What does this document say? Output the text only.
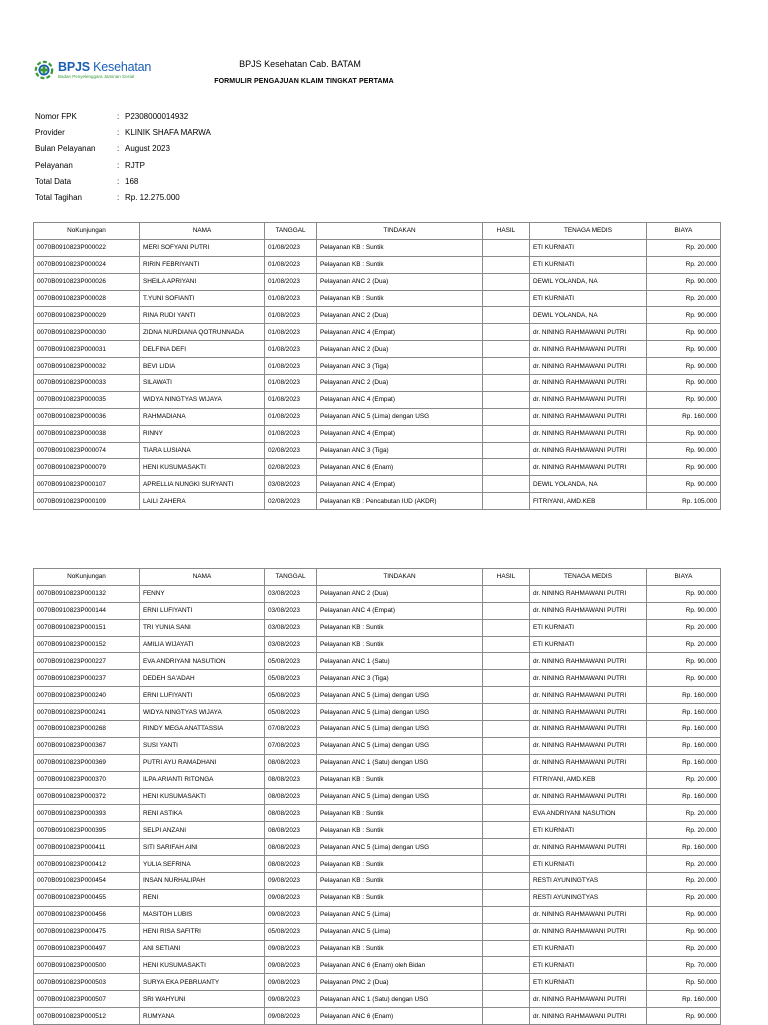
BPJS Kesehatan
Badan Penyelenggara Jaminan Sosial
BPJS Kesehatan Cab. BATAM
FORMULIR PENGAJUAN KLAIM TINGKAT PERTAMA
Nomor FPK	: P2308000014932
Provider	: KLINIK SHAFA MARWA
Bulan Pelayanan	: August 2023
Pelayanan	: RJTP
Total Data	: 168
Total Tagihan	: Rp. 12.275.000
NoKunjungan	NAMA	TANGGAL	TINDAKAN	HASIL	TENAGA MEDIS	BIAYA
0070B0910823P000022	MERI SOFYANI PUTRI	01/08/2023	Pelayanan KB : Suntik		ETI KURNIATI	Rp. 20.000
0070B0910823P000024	RIRIN FEBRIYANTI	01/08/2023	Pelayanan KB : Suntik		ETI KURNIATI	Rp. 20.000
0070B0910823P000026	SHEILA APRIYANI	01/08/2023	Pelayanan ANC 2 (Dua)		DEWIL YOLANDA, NA	Rp. 90.000
0070B0910823P000028	T.YUNI SOFIANTI	01/08/2023	Pelayanan KB : Suntik		ETI KURNIATI	Rp. 20.000
0070B0910823P000029	RINA RUDI YANTI	01/08/2023	Pelayanan ANC 2 (Dua)		DEWIL YOLANDA, NA	Rp. 90.000
0070B0910823P000030	ZIDNA NURDIANA QOTRUNNADA	01/08/2023	Pelayanan ANC 4 (Empat)		dr. NINING RAHMAWANI PUTRI	Rp. 90.000
0070B0910823P000031	DELFINA DEFI	01/08/2023	Pelayanan ANC 2 (Dua)		dr. NINING RAHMAWANI PUTRI	Rp. 90.000
0070B0910823P000032	BEVI LIDIA	01/08/2023	Pelayanan ANC 3 (Tiga)		dr. NINING RAHMAWANI PUTRI	Rp. 90.000
0070B0910823P000033	SILAWATI	01/08/2023	Pelayanan ANC 2 (Dua)		dr. NINING RAHMAWANI PUTRI	Rp. 90.000
0070B0910823P000035	WIDYA NINGTYAS WIJAYA	01/08/2023	Pelayanan ANC 4 (Empat)		dr. NINING RAHMAWANI PUTRI	Rp. 90.000
0070B0910823P000036	RAHMADIANA	01/08/2023	Pelayanan ANC 5 (Lima) dengan USG		dr. NINING RAHMAWANI PUTRI	Rp. 160.000
0070B0910823P000038	RINNY	01/08/2023	Pelayanan ANC 4 (Empat)		dr. NINING RAHMAWANI PUTRI	Rp. 90.000
0070B0910823P000074	TIARA LUSIANA	02/08/2023	Pelayanan ANC 3 (Tiga)		dr. NINING RAHMAWANI PUTRI	Rp. 90.000
0070B0910823P000079	HENI KUSUMASAKTI	02/08/2023	Pelayanan ANC 6 (Enam)		dr. NINING RAHMAWANI PUTRI	Rp. 90.000
0070B0910823P000107	APRELLIA NUNGKI SURYANTI	03/08/2023	Pelayanan ANC 4 (Empat)		DEWIL YOLANDA, NA	Rp. 90.000
0070B0910823P000109	LAILI ZAHERA	02/08/2023	Pelayanan KB : Pencabutan IUD (AKDR)		FITRIYANI, AMD.KEB	Rp. 105.000
NoKunjungan	NAMA	TANGGAL	TINDAKAN	HASIL	TENAGA MEDIS	BIAYA
0070B0910823P000132	FENNY	03/08/2023	Pelayanan ANC 2 (Dua)		dr. NINING RAHMAWANI PUTRI	Rp. 90.000
0070B0910823P000144	ERNI LUFIYANTI	03/08/2023	Pelayanan ANC 4 (Empat)		dr. NINING RAHMAWANI PUTRI	Rp. 90.000
0070B0910823P000151	TRI YUNIA SANI	03/08/2023	Pelayanan KB : Suntik		ETI KURNIATI	Rp. 20.000
0070B0910823P000152	AMILIA WIJAYATI	03/08/2023	Pelayanan KB : Suntik		ETI KURNIATI	Rp. 20.000
0070B0910823P000227	EVA ANDRIYANI NASUTION	05/08/2023	Pelayanan ANC 1 (Satu)		dr. NINING RAHMAWANI PUTRI	Rp. 90.000
0070B0910823P000237	DEDEH SA'ADAH	05/08/2023	Pelayanan ANC 3 (Tiga)		dr. NINING RAHMAWANI PUTRI	Rp. 90.000
0070B0910823P000240	ERNI LUFIYANTI	05/08/2023	Pelayanan ANC 5 (Lima) dengan USG		dr. NINING RAHMAWANI PUTRI	Rp. 160.000
0070B0910823P000241	WIDYA NINGTYAS WIJAYA	05/08/2023	Pelayanan ANC 5 (Lima) dengan USG		dr. NINING RAHMAWANI PUTRI	Rp. 160.000
0070B0910823P000268	RINDY MEGA ANATTASSIA	07/08/2023	Pelayanan ANC 5 (Lima) dengan USG		dr. NINING RAHMAWANI PUTRI	Rp. 160.000
0070B0910823P000367	SUSI YANTI	07/08/2023	Pelayanan ANC 5 (Lima) dengan USG		dr. NINING RAHMAWANI PUTRI	Rp. 160.000
0070B0910823P000369	PUTRI AYU RAMADHANI	08/08/2023	Pelayanan ANC 1 (Satu) dengan USG		dr. NINING RAHMAWANI PUTRI	Rp. 160.000
0070B0910823P000370	ILPA ARIANTI RITONGA	08/08/2023	Pelayanan KB : Suntik		FITRIYANI, AMD.KEB	Rp. 20.000
0070B0910823P000372	HENI KUSUMASAKTI	08/08/2023	Pelayanan ANC 5 (Lima) dengan USG		dr. NINING RAHMAWANI PUTRI	Rp. 160.000
0070B0910823P000393	RENI ASTIKA	08/08/2023	Pelayanan KB : Suntik		EVA ANDRIYANI NASUTION	Rp. 20.000
0070B0910823P000395	SELPI ANZANI	08/08/2023	Pelayanan KB : Suntik		ETI KURNIATI	Rp. 20.000
0070B0910823P000411	SITI SARIFAH AINI	08/08/2023	Pelayanan ANC 5 (Lima) dengan USG		dr. NINING RAHMAWANI PUTRI	Rp. 160.000
0070B0910823P000412	YULIA SEFRINA	08/08/2023	Pelayanan KB : Suntik		ETI KURNIATI	Rp. 20.000
0070B0910823P000454	INSAN NURHALIPAH	09/08/2023	Pelayanan KB : Suntik		RESTI AYUNINGTYAS	Rp. 20.000
0070B0910823P000455	RENI	09/08/2023	Pelayanan KB : Suntik		RESTI AYUNINGTYAS	Rp. 20.000
0070B0910823P000456	MASITOH LUBIS	09/08/2023	Pelayanan ANC 5 (Lima)		dr. NINING RAHMAWANI PUTRI	Rp. 90.000
0070B0910823P000475	HENI RISA SAFITRI	05/08/2023	Pelayanan ANC 5 (Lima)		dr. NINING RAHMAWANI PUTRI	Rp. 90.000
0070B0910823P000497	ANI SETIANI	09/08/2023	Pelayanan KB : Suntik		ETI KURNIATI	Rp. 20.000
0070B0910823P000500	HENI KUSUMASAKTI	09/08/2023	Pelayanan ANC 6 (Enam) oleh Bidan		ETI KURNIATI	Rp. 70.000
0070B0910823P000503	SURYA EKA PEBRUANTY	09/08/2023	Pelayanan PNC 2 (Dua)		ETI KURNIATI	Rp. 50.000
0070B0910823P000507	SRI WAHYUNI	09/08/2023	Pelayanan ANC 1 (Satu) dengan USG		dr. NINING RAHMAWANI PUTRI	Rp. 160.000
0070B0910823P000512	RUMYANA	09/08/2023	Pelayanan ANC 6 (Enam)		dr. NINING RAHMAWANI PUTRI	Rp. 90.000
